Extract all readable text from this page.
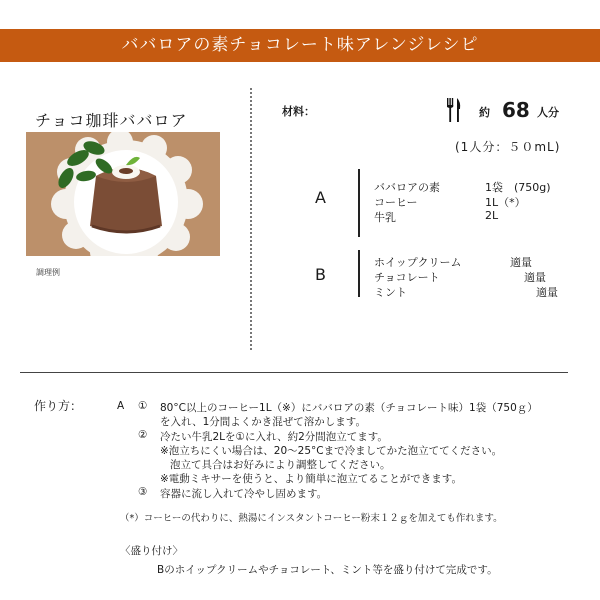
ババロアの素チョコレート味アレンジレシピ
チョコ珈琲ババロア
調理例
材料：	約 68 人分
(1人分：５０mL)
A
ババロアの素	1袋　(750g)
コーヒー	1L（*）
牛乳	2L
B
ホイップクリーム	適量
チョコレート	適量
ミント	適量
作り方：	A ① 80°C以上のコーヒー1L（※）にババロアの素（チョコレート味）1袋（750ｇ）
を入れ、1分間よくかき混ぜて溶かします。
② 冷たい牛乳2Lを①に入れ、約2分間泡立てます。
※泡立ちにくい場合は、20～25°Cまで冷ましてかた泡立ててください。
泡立て具合はお好みにより調整してください。
※電動ミキサーを使うと、より簡単に泡立てることができます。
③ 容器に流し入れて冷やし固めます。
（*）コーヒーの代わりに、熱湯にインスタントコーヒー粉末１２ｇを加えても作れます。
〈盛り付け〉
Bのホイップクリームやチョコレート、ミント等を盛り付けて完成です。
